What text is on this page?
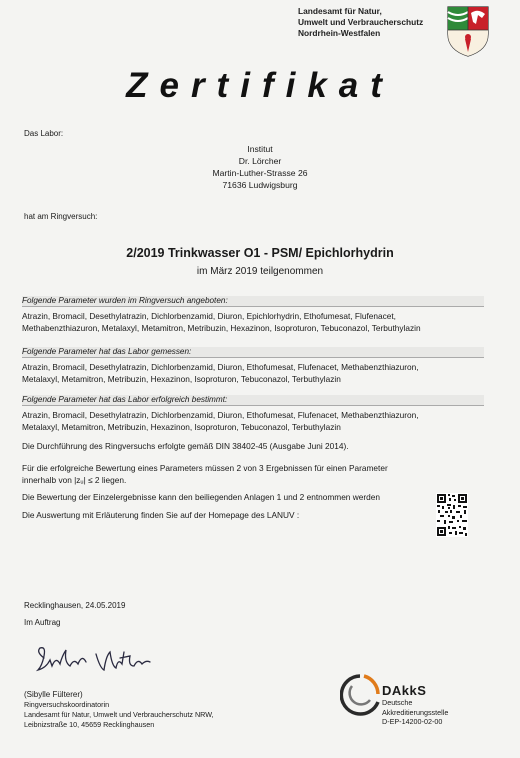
Landesamt für Natur,
Umwelt und Verbraucherschutz
Nordrhein-Westfalen
Zertifikat
Das Labor:
Institut
Dr. Lörcher
Martin-Luther-Strasse 26
71636 Ludwigsburg
hat am Ringversuch:
2/2019 Trinkwasser O1 - PSM/ Epichlorhydrin
im März 2019 teilgenommen
Folgende Parameter wurden im Ringversuch angeboten:
Atrazin, Bromacil, Desethylatrazin, Dichlorbenzamid, Diuron, Epichlorhydrin, Ethofumesat, Flufenacet,
Methabenzthiazuron, Metalaxyl, Metamitron, Metribuzin, Hexazinon, Isoproturon, Tebuconazol, Terbuthylazin
Folgende Parameter hat das Labor gemessen:
Atrazin, Bromacil, Desethylatrazin, Dichlorbenzamid, Diuron, Ethofumesat, Flufenacet, Methabenzthiazuron,
Metalaxyl, Metamitron, Metribuzin, Hexazinon, Isoproturon, Tebuconazol, Terbuthylazin
Folgende Parameter hat das Labor erfolgreich bestimmt:
Atrazin, Bromacil, Desethylatrazin, Dichlorbenzamid, Diuron, Ethofumesat, Flufenacet, Methabenzthiazuron,
Metalaxyl, Metamitron, Metribuzin, Hexazinon, Isoproturon, Tebuconazol, Terbuthylazin
Die Durchführung des Ringversuchs erfolgte gemäß DIN 38402-45 (Ausgabe Juni 2014).
Für die erfolgreiche Bewertung eines Parameters müssen 2 von 3 Ergebnissen für einen Parameter
innerhalb von |zᵤ| ≤ 2 liegen.
Die Bewertung der Einzelergebnisse kann den beiliegenden Anlagen 1 und 2 entnommen werden
Die Auswertung mit Erläuterung finden Sie auf der Homepage des LANUV :
Recklinghausen, 24.05.2019
Im Auftrag
(Sibylle Fülterer)
Ringversuchskoordinatorin
Landesamt für Natur, Umwelt und Verbraucherschutz NRW,
Leibnizstraße 10, 45659 Recklinghausen
DAkkS
Deutsche
Akkreditierungsstelle
D-EP-14200-02-00
